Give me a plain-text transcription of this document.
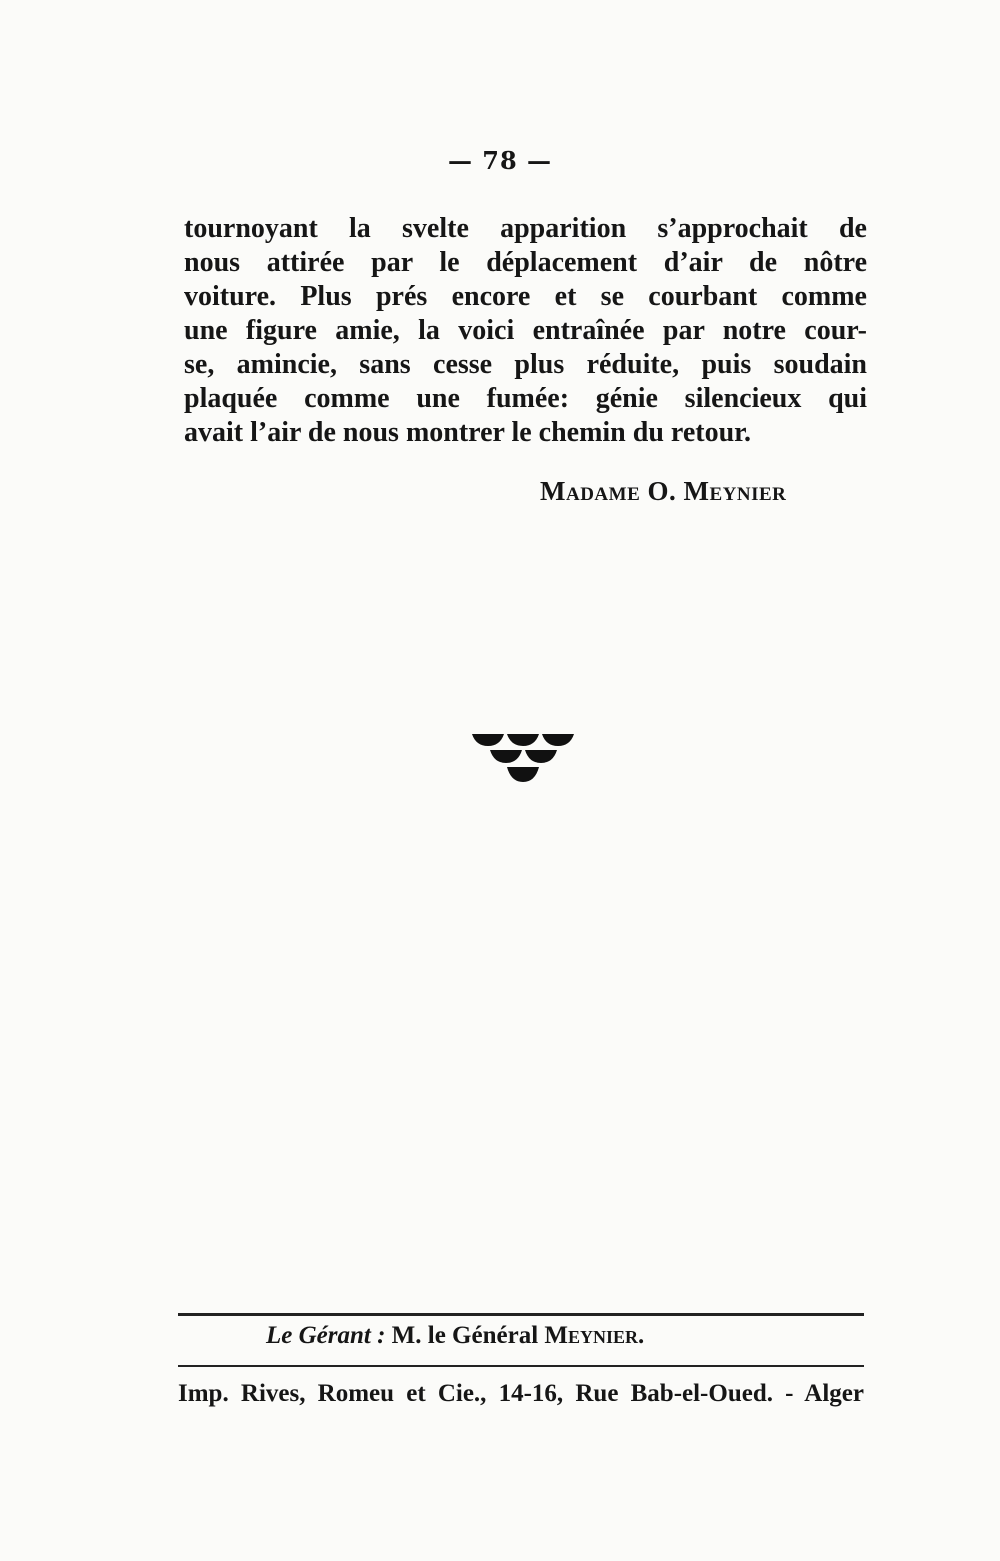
— 78 —
tournoyant la svelte apparition s’approchait de
nous attirée par le déplacement d’air de nôtre
voiture. Plus prés encore et se courbant comme
une figure amie, la voici entraînée par notre cour-
se, amincie, sans cesse plus réduite, puis soudain
plaquée comme une fumée: génie silencieux qui
avait l’air de nous montrer le chemin du retour.
Madame O. Meynier
Le Gérant : M. le Général Meynier.
Imp. Rives, Romeu et Cie., 14-16, Rue Bab-el-Oued. - Alger
